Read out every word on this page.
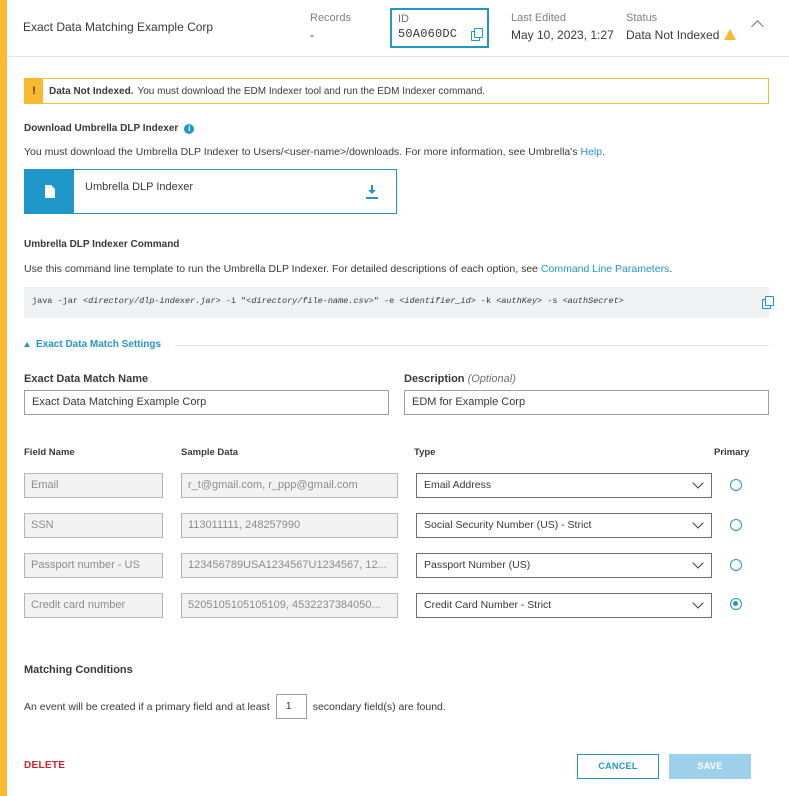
Exact Data Matching Example Corp
Records
-
ID
50A060DC
Last Edited
May 10, 2023, 1:27
Status
Data Not Indexed
!	Data Not Indexed. You must download the EDM Indexer tool and run the EDM Indexer command.
Download Umbrella DLP Indexer i
You must download the Umbrella DLP Indexer to Users/<user-name>/downloads. For more information, see Umbrella's Help.
Umbrella DLP Indexer
Umbrella DLP Indexer Command
Use this command line template to run the Umbrella DLP Indexer. For detailed descriptions of each option, see Command Line Parameters.
java -jar <directory/dlp-indexer.jar> -i "<directory/file-name.csv>" -e <identifier_id> -k <authKey> -s <authSecret>
Exact Data Match Settings
Exact Data Match Name
Exact Data Matching Example Corp
Description (Optional)
EDM for Example Corp
Field Name	Sample Data	Type	Primary
Email	r_t@gmail.com, r_ppp@gmail.com	Email Address
SSN	113011111, 248257990	Social Security Number (US) - Strict
Passport number - US	123456789USA1234567U1234567, 12...	Passport Number (US)
Credit card number	5205105105105109, 4532237384050...	Credit Card Number - Strict
Matching Conditions
An event will be created if a primary field and at least	1	secondary field(s) are found.
DELETE	CANCEL	SAVE
